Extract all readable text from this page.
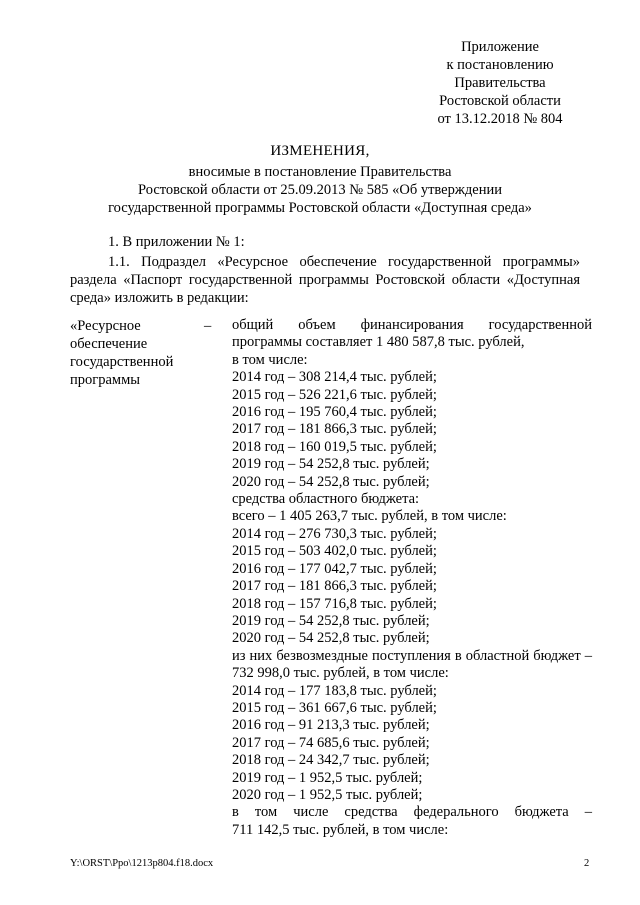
Приложение
к постановлению
Правительства
Ростовской области
от 13.12.2018 № 804
ИЗМЕНЕНИЯ,
вносимые в постановление Правительства
Ростовской области от 25.09.2013 № 585 «Об утверждении
государственной программы Ростовской области «Доступная среда»

1. В приложении № 1:

1.1. Подраздел «Ресурсное обеспечение государственной программы» раздела «Паспорт государственной программы Ростовской области «Доступная среда» изложить в редакции:

«Ресурсное
обеспечение
государственной
программы
– общий объем финансирования государственной программы составляет 1 480 587,8 тыс. рублей,
в том числе:
2014 год – 308 214,4 тыс. рублей;
2015 год – 526 221,6 тыс. рублей;
2016 год – 195 760,4 тыс. рублей;
2017 год – 181 866,3 тыс. рублей;
2018 год – 160 019,5 тыс. рублей;
2019 год – 54 252,8 тыс. рублей;
2020 год – 54 252,8 тыс. рублей;
средства областного бюджета:
всего – 1 405 263,7 тыс. рублей, в том числе:
2014 год – 276 730,3 тыс. рублей;
2015 год – 503 402,0 тыс. рублей;
2016 год – 177 042,7 тыс. рублей;
2017 год – 181 866,3 тыс. рублей;
2018 год – 157 716,8 тыс. рублей;
2019 год – 54 252,8 тыс. рублей;
2020 год – 54 252,8 тыс. рублей;
из них безвозмездные поступления в областной бюджет – 732 998,0 тыс. рублей, в том числе:
2014 год – 177 183,8 тыс. рублей;
2015 год – 361 667,6 тыс. рублей;
2016 год – 91 213,3 тыс. рублей;
2017 год – 74 685,6 тыс. рублей;
2018 год – 24 342,7 тыс. рублей;
2019 год – 1 952,5 тыс. рублей;
2020 год – 1 952,5 тыс. рублей;
в том числе средства федерального бюджета –
711 142,5 тыс. рублей, в том числе:
Y:\ORST\Ppo\1213p804.f18.docx	2
